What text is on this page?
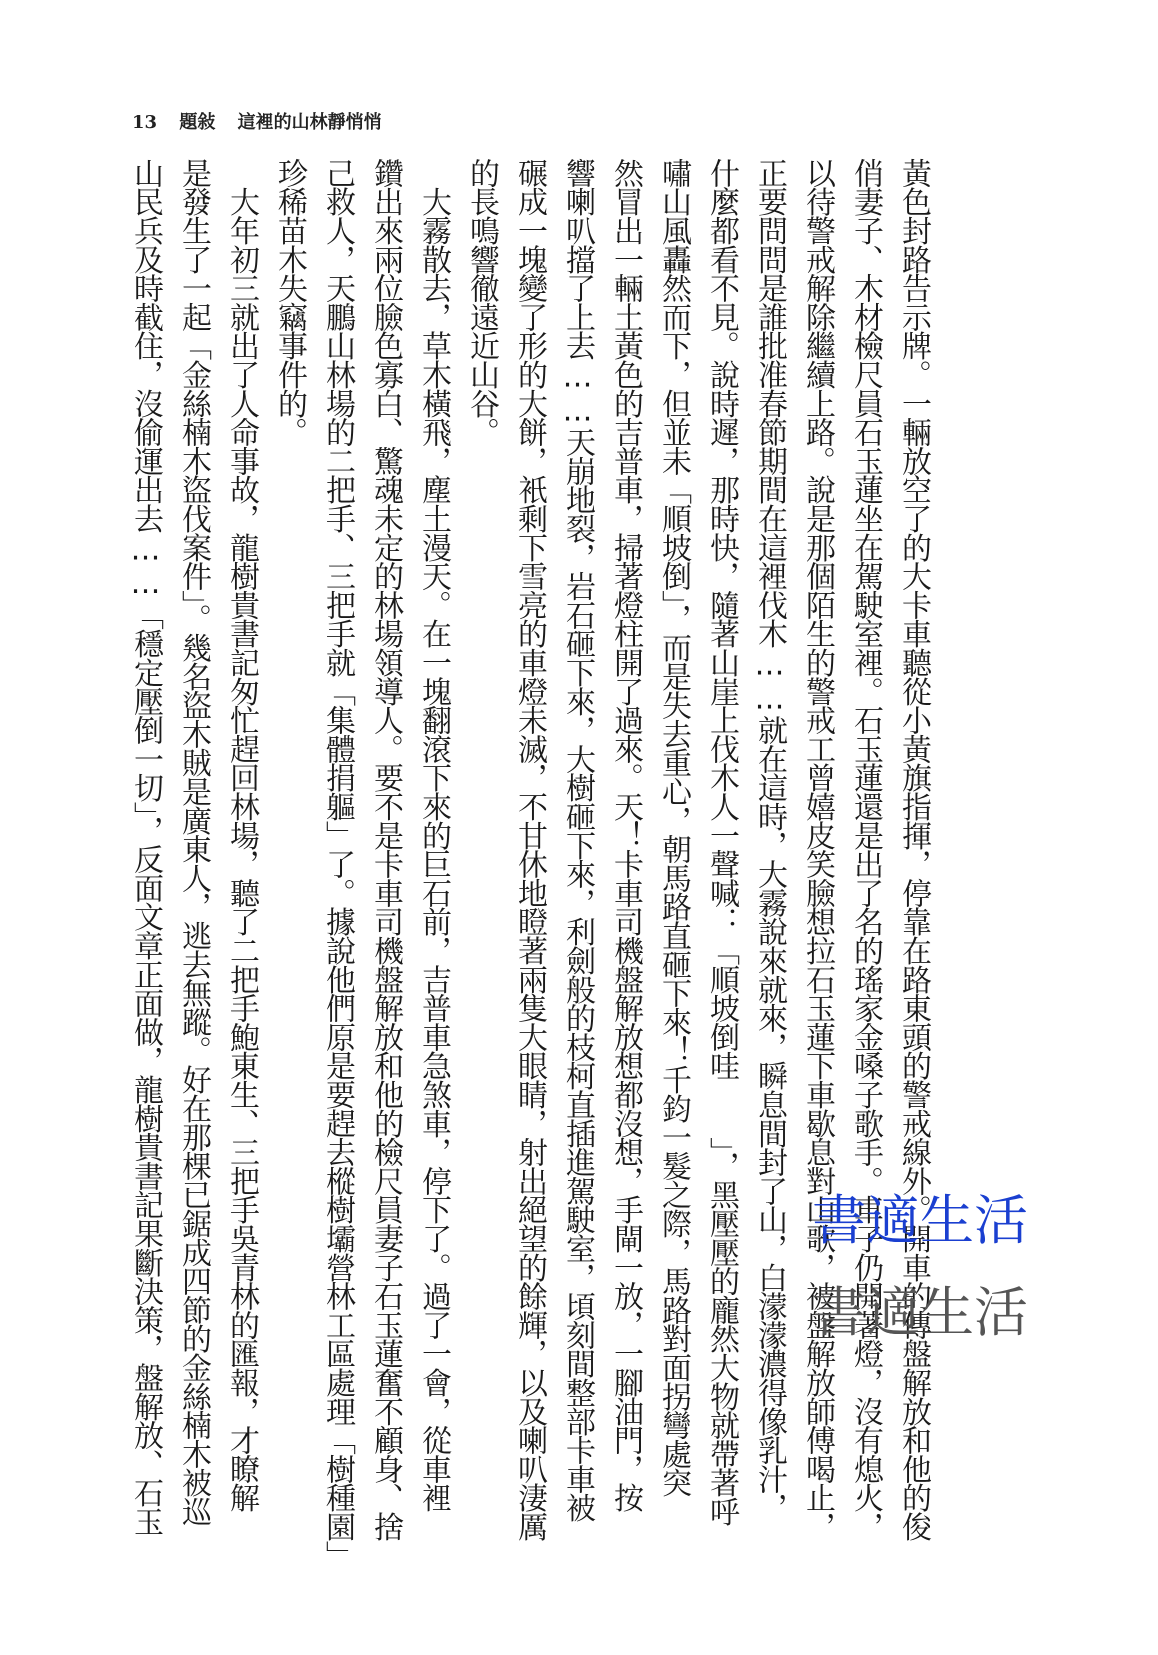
13 題敍 這裡的山林靜悄悄
黃色封路告示牌。一輛放空了的大卡車聽從小黃旗指揮，停靠在路東頭的警戒線外。開車的傳盤解放和他的俊
俏妻子、木材檢尺員石玉蓮坐在駕駛室裡。石玉蓮還是出了名的瑤家金嗓子歌手。車子仍開著燈，沒有熄火，
以待警戒解除繼續上路。說是那個陌生的警戒工曾嬉皮笑臉想拉石玉蓮下車歇息對山歌，被盤解放師傅喝止，
正要問問是誰批准春節期間在這裡伐木……就在這時，大霧說來就來，瞬息間封了山，白濛濛濃得像乳汁，
什麼都看不見。說時遲，那時快，隨著山崖上伐木人一聲喊：「順坡倒哇　　」，黑壓壓的龐然大物就帶著呼
嘯山風轟然而下，但並未「順坡倒」，而是失去重心，朝馬路直砸下來！千鈞一髮之際，馬路對面拐彎處突
然冒出一輛土黃色的吉普車，掃著燈柱開了過來。天！卡車司機盤解放想都沒想，手閘一放，一腳油門，按
響喇叭擋了上去……天崩地裂，岩石砸下來，大樹砸下來，利劍般的枝柯直插進駕駛室，頃刻間整部卡車被
碾成一塊變了形的大餅，衹剩下雪亮的車燈未滅，不甘休地瞪著兩隻大眼睛，射出絕望的餘輝，以及喇叭淒厲
的長鳴響徹遠近山谷。
　大霧散去，草木橫飛，塵土漫天。在一塊翻滾下來的巨石前，吉普車急煞車，停下了。過了一會，從車裡
鑽出來兩位臉色寡白、驚魂未定的林場領導人。要不是卡車司機盤解放和他的檢尺員妻子石玉蓮奮不顧身、捨
己救人，天鵬山林場的二把手、三把手就「集體捐軀」了。據說他們原是要趕去樅樹壩營林工區處理「樹種園」
珍稀苗木失竊事件的。
　大年初三就出了人命事故，龍樹貴書記匆忙趕回林場，聽了二把手鮑東生、三把手吳青林的匯報，才瞭解
是發生了一起「金絲楠木盜伐案件」。幾名盜木賊是廣東人，逃去無蹤。好在那棵已鋸成四節的金絲楠木被巡
山民兵及時截住，沒偷運出去……「穩定壓倒一切」，反面文章正面做，龍樹貴書記果斷決策，盤解放、石玉	書適生活
書適生活
